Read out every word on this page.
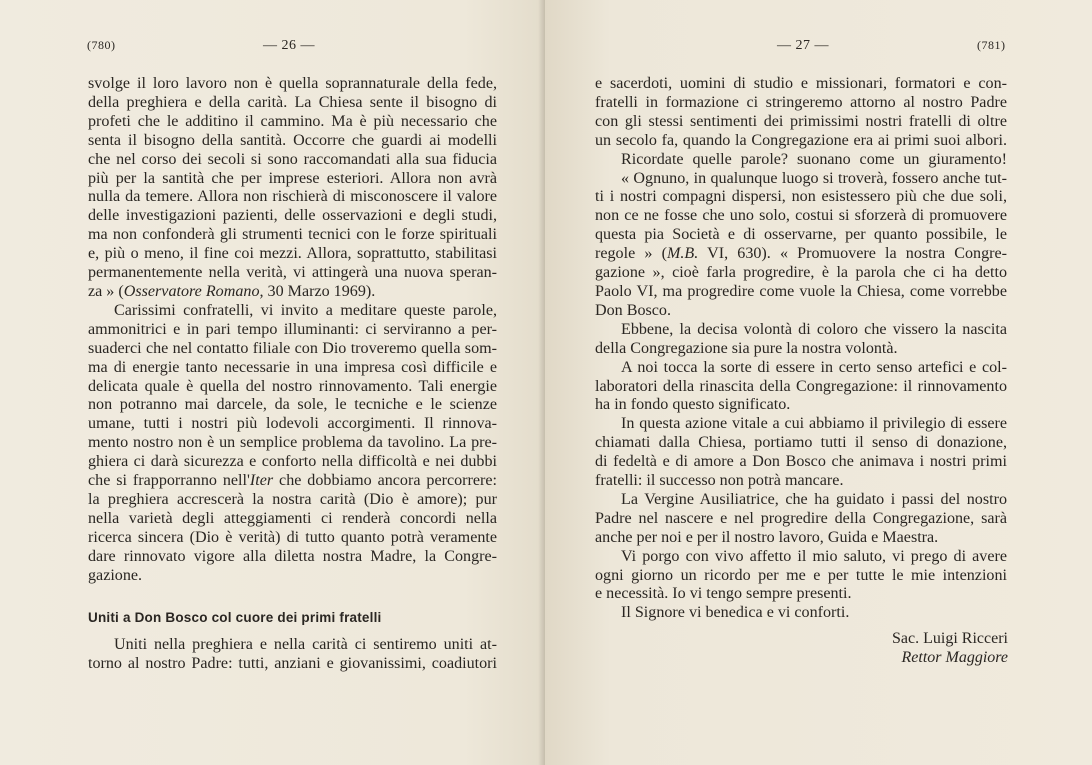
(780)	— 26 —
svolge il loro lavoro non è quella soprannaturale della fede,
della preghiera e della carità. La Chiesa sente il bisogno di
profeti che le additino il cammino. Ma è più necessario che
senta il bisogno della santità. Occorre che guardi ai modelli
che nel corso dei secoli si sono raccomandati alla sua fiducia
più per la santità che per imprese esteriori. Allora non avrà
nulla da temere. Allora non rischierà di misconoscere il valore
delle investigazioni pazienti, delle osservazioni e degli studi,
ma non confonderà gli strumenti tecnici con le forze spirituali
e, più o meno, il fine coi mezzi. Allora, soprattutto, stabilitasi
permanentemente nella verità, vi attingerà una nuova speran-
za » (Osservatore Romano, 30 Marzo 1969).
Carissimi confratelli, vi invito a meditare queste parole,
ammonitrici e in pari tempo illuminanti: ci serviranno a per-
suaderci che nel contatto filiale con Dio troveremo quella som-
ma di energie tanto necessarie in una impresa così difficile e
delicata quale è quella del nostro rinnovamento. Tali energie
non potranno mai darcele, da sole, le tecniche e le scienze
umane, tutti i nostri più lodevoli accorgimenti. Il rinnova-
mento nostro non è un semplice problema da tavolino. La pre-
ghiera ci darà sicurezza e conforto nella difficoltà e nei dubbi
che si frapporranno nell'Iter che dobbiamo ancora percorrere:
la preghiera accrescerà la nostra carità (Dio è amore); pur
nella varietà degli atteggiamenti ci renderà concordi nella
ricerca sincera (Dio è verità) di tutto quanto potrà veramente
dare rinnovato vigore alla diletta nostra Madre, la Congre-
gazione.
Uniti a Don Bosco col cuore dei primi fratelli
Uniti nella preghiera e nella carità ci sentiremo uniti at-
torno al nostro Padre: tutti, anziani e giovanissimi, coadiutori
— 27 —	(781)
e sacerdoti, uomini di studio e missionari, formatori e con-
fratelli in formazione ci stringeremo attorno al nostro Padre
con gli stessi sentimenti dei primissimi nostri fratelli di oltre
un secolo fa, quando la Congregazione era ai primi suoi albori.
Ricordate quelle parole? suonano come un giuramento!
« Ognuno, in qualunque luogo si troverà, fossero anche tut-
ti i nostri compagni dispersi, non esistessero più che due soli,
non ce ne fosse che uno solo, costui si sforzerà di promuovere
questa pia Società e di osservarne, per quanto possibile, le
regole » (M.B. VI, 630). « Promuovere la nostra Congre-
gazione », cioè farla progredire, è la parola che ci ha detto
Paolo VI, ma progredire come vuole la Chiesa, come vorrebbe
Don Bosco.
Ebbene, la decisa volontà di coloro che vissero la nascita
della Congregazione sia pure la nostra volontà.
A noi tocca la sorte di essere in certo senso artefici e col-
laboratori della rinascita della Congregazione: il rinnovamento
ha in fondo questo significato.
In questa azione vitale a cui abbiamo il privilegio di essere
chiamati dalla Chiesa, portiamo tutti il senso di donazione,
di fedeltà e di amore a Don Bosco che animava i nostri primi
fratelli: il successo non potrà mancare.
La Vergine Ausiliatrice, che ha guidato i passi del nostro
Padre nel nascere e nel progredire della Congregazione, sarà
anche per noi e per il nostro lavoro, Guida e Maestra.
Vi porgo con vivo affetto il mio saluto, vi prego di avere
ogni giorno un ricordo per me e per tutte le mie intenzioni
e necessità. Io vi tengo sempre presenti.
Il Signore vi benedica e vi conforti.
Sac. Luigi Ricceri
Rettor Maggiore
